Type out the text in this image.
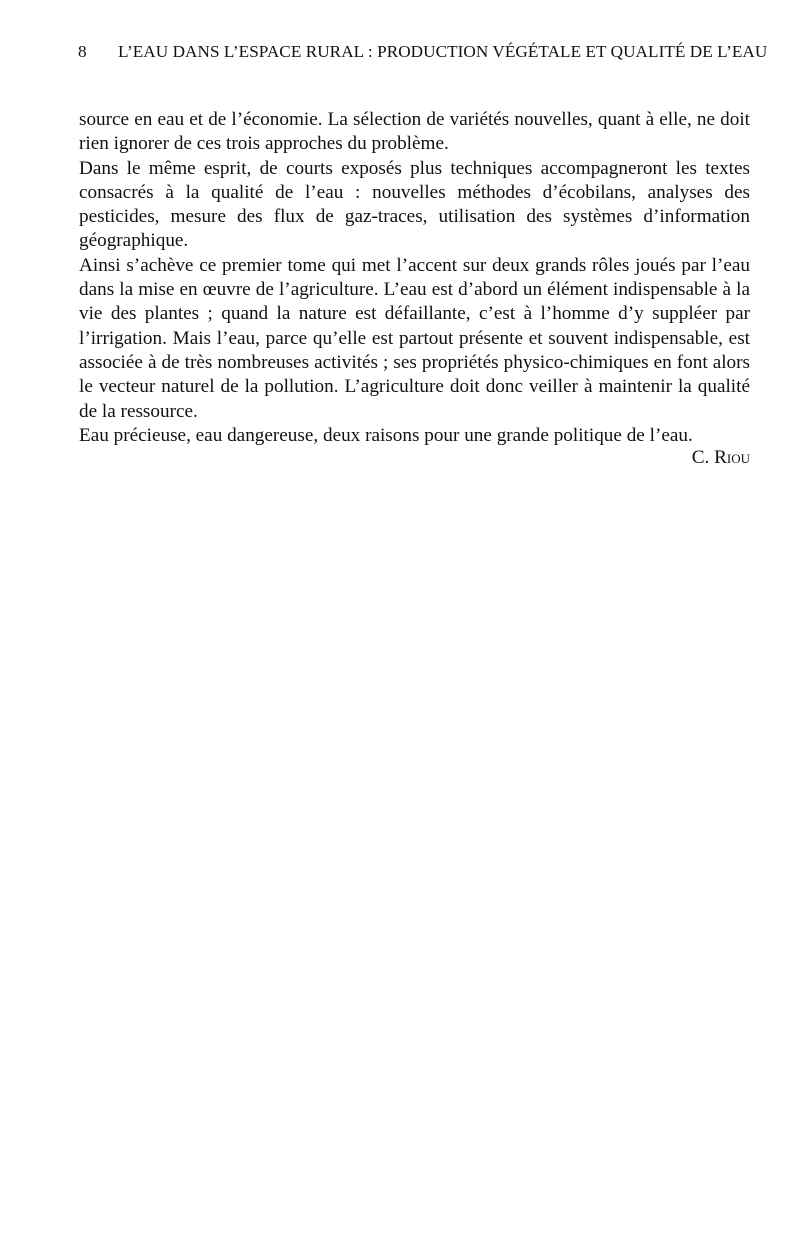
8 L’EAU DANS L’ESPACE RURAL : PRODUCTION VÉGÉTALE ET QUALITÉ DE L’EAU

source en eau et de l’économie. La sélection de variétés nouvelles, quant à elle, ne doit rien ignorer de ces trois approches du problème.

Dans le même esprit, de courts exposés plus techniques accompagneront les textes consacrés à la qualité de l’eau : nouvelles méthodes d’écobilans, analyses des pesticides, mesure des flux de gaz-traces, utilisation des systèmes d’information géographique.

Ainsi s’achève ce premier tome qui met l’accent sur deux grands rôles joués par l’eau dans la mise en œuvre de l’agriculture. L’eau est d’abord un élément indispensable à la vie des plantes ; quand la nature est défaillante, c’est à l’homme d’y suppléer par l’irrigation. Mais l’eau, parce qu’elle est partout présente et souvent indispensable, est associée à de très nombreuses activités ; ses propriétés physico-chimiques en font alors le vecteur naturel de la pollution. L’agriculture doit donc veiller à maintenir la qualité de la ressource.

Eau précieuse, eau dangereuse, deux raisons pour une grande politique de l’eau.

C. Riou
